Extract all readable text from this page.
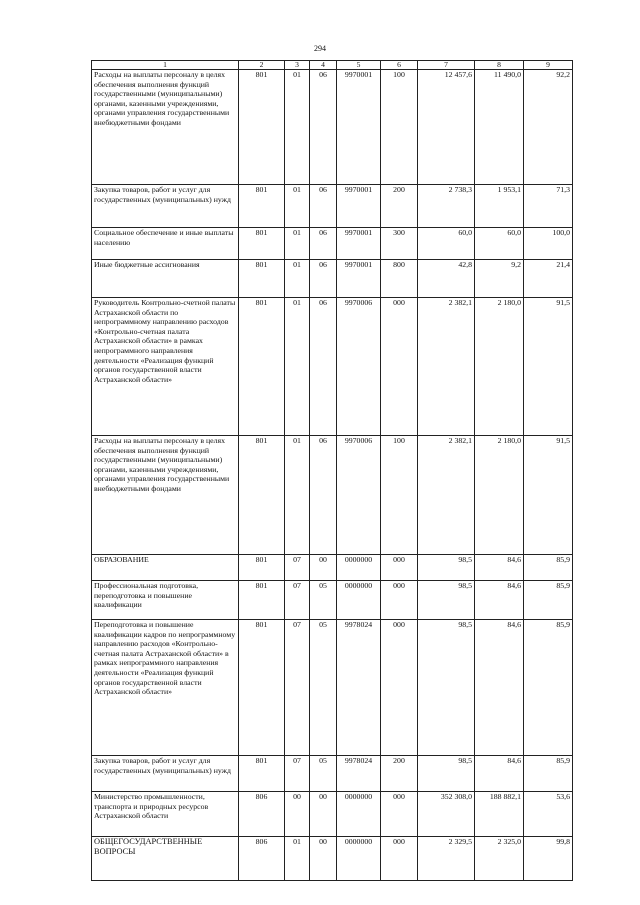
294
1	2	3	4	5	6	7	8	9
Расходы на выплаты персоналу в целях обеспечения выполнения функций государственными (муниципальными) органами, казенными учреждениями, органами управления государственными внебюджетными фондами	801	01	06	9970001	100	12 457,6	11 490,0	92,2
Закупка товаров, работ и услуг для государственных (муниципальных) нужд	801	01	06	9970001	200	2 738,3	1 953,1	71,3
Социальное обеспечение и иные выплаты населению	801	01	06	9970001	300	60,0	60,0	100,0
Иные бюджетные ассигнования	801	01	06	9970001	800	42,8	9,2	21,4
Руководитель Контрольно-счетной палаты Астраханской области по непрограммному направлению расходов «Контрольно-счетная палата Астраханской области» в рамках непрограммного направления деятельности «Реализация функций органов государственной власти Астраханской области»	801	01	06	9970006	000	2 382,1	2 180,0	91,5
Расходы на выплаты персоналу в целях обеспечения выполнения функций государственными (муниципальными) органами, казенными учреждениями, органами управления государственными внебюджетными фондами	801	01	06	9970006	100	2 382,1	2 180,0	91,5
ОБРАЗОВАНИЕ	801	07	00	0000000	000	98,5	84,6	85,9
Профессиональная подготовка, переподготовка и повышение квалификации	801	07	05	0000000	000	98,5	84,6	85,9
Переподготовка и повышение квалификации кадров по непрограммному направлению расходов «Контрольно-счетная палата Астраханской области» в рамках непрограммного направления деятельности «Реализация функций органов государственной власти Астраханской области»	801	07	05	9978024	000	98,5	84,6	85,9
Закупка товаров, работ и услуг для государственных (муниципальных) нужд	801	07	05	9978024	200	98,5	84,6	85,9
Министерство промышленности, транспорта и природных ресурсов Астраханской области	806	00	00	0000000	000	352 308,0	188 882,1	53,6
ОБЩЕГОСУДАРСТВЕННЫЕ ВОПРОСЫ	806	01	00	0000000	000	2 329,5	2 325,0	99,8
